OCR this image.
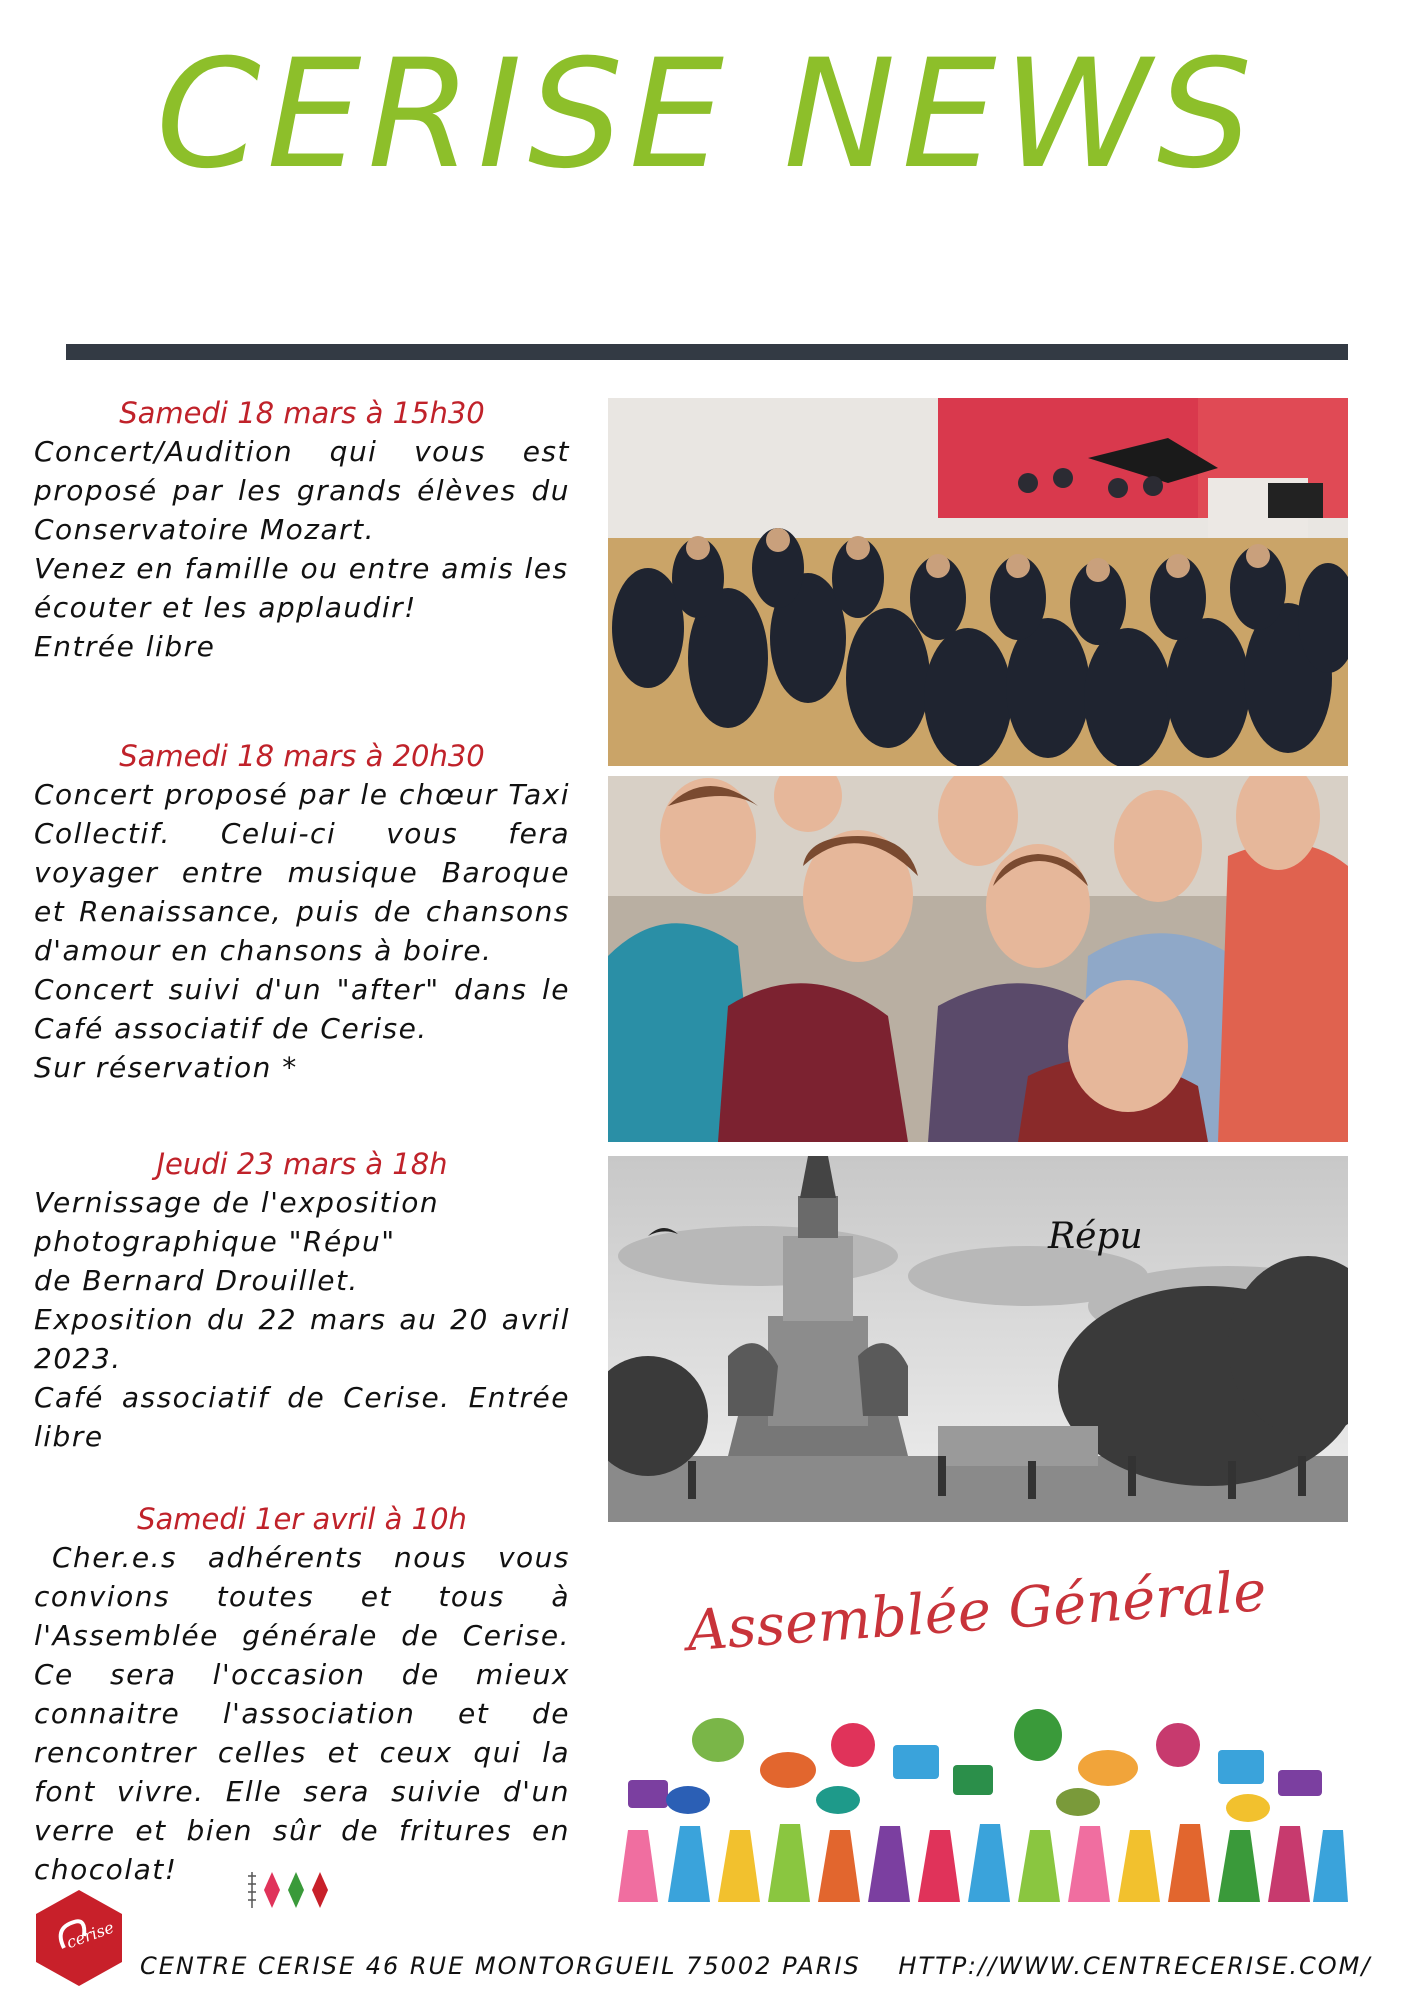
CERISE NEWS
Samedi 18 mars à 15h30

Concert/Audition qui vous est proposé par les grands élèves du Conservatoire Mozart.

Venez en famille ou entre amis les écouter et les applaudir!

Entrée libre

Samedi 18 mars à 20h30

Concert proposé par le chœur Taxi Collectif. Celui-ci vous fera voyager entre musique Baroque et Renaissance, puis de chansons d'amour en chansons à boire.

Concert suivi d'un "after" dans le Café associatif de Cerise.

Sur réservation *

Jeudi 23 mars à 18h

Vernissage de l'exposition

photographique "Répu"

de Bernard Drouillet.

Exposition du 22 mars au 20 avril 2023.

Café associatif de Cerise. Entrée libre

Samedi 1er avril à 10h

Cher.e.s adhérents nous vous convions toutes et tous à l'Assemblée générale de Cerise. Ce sera l'occasion de mieux connaitre l'association et de rencontrer celles et ceux qui la font vivre. Elle sera suivie d'un verre et bien sûr de fritures en chocolat!

Répu
Assemblée Générale
cerise
CENTRE CERISE 46 RUE MONTORGUEIL 75002 PARIS HTTP://WWW.CENTRECERISE.COM/
